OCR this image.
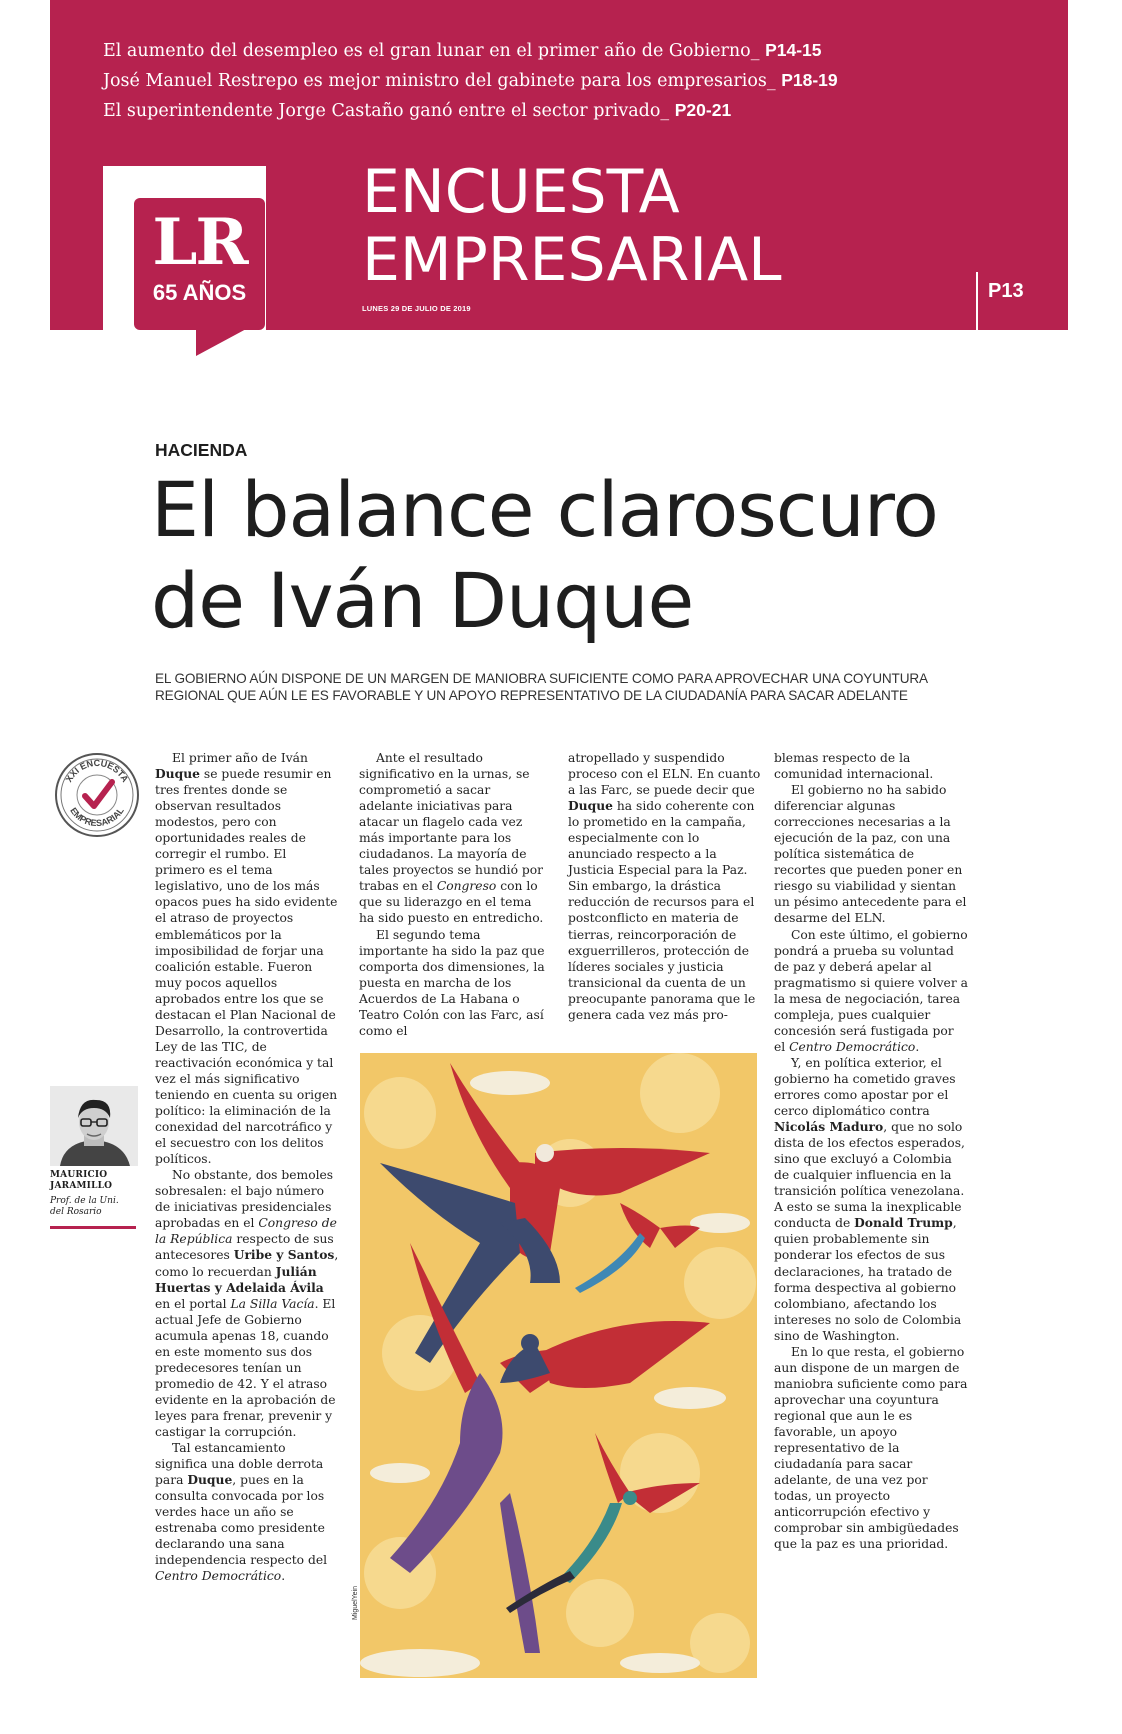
El aumento del desempleo es el gran lunar en el primer año de Gobierno_ P14-15
José Manuel Restrepo es mejor ministro del gabinete para los empresarios_ P18-19
El superintendente Jorge Castaño ganó entre el sector privado_ P20-21
LR
65 AÑOS
ENCUESTA
EMPRESARIAL
LUNES 29 DE JULIO DE 2019
P13
HACIENDA
El balance claroscuro
de Iván Duque
EL GOBIERNO AÚN DISPONE DE UN MARGEN DE MANIOBRA SUFICIENTE COMO PARA APROVECHAR UNA COYUNTURA
REGIONAL QUE AÚN LE ES FAVORABLE Y UN APOYO REPRESENTATIVO DE LA CIUDADANÍA PARA SACAR ADELANTE
XXI ENCUESTA
EMPRESARIAL
MAURICIO
JARAMILLO
Prof. de la Uni.
del Rosario

El primer año de Iván Duque se puede resumir en tres frentes donde se observan resultados modestos, pero con oportunidades reales de corregir el rumbo. El primero es el tema legislativo, uno de los más opacos pues ha sido evidente el atraso de proyectos emblemáticos por la imposibilidad de forjar una coalición estable. Fueron muy pocos aquellos aprobados entre los que se destacan el Plan Nacional de Desarrollo, la controvertida Ley de las TIC, de reactivación económica y tal vez el más significativo teniendo en cuenta su origen político: la eliminación de la conexidad del narcotráfico y el secuestro con los delitos políticos.

No obstante, dos bemoles sobresalen: el bajo número de iniciativas presidenciales aprobadas en el Congreso de la República respecto de sus antecesores Uribe y Santos, como lo recuerdan Julián Huertas y Adelaida Ávila en el portal La Silla Vacía. El actual Jefe de Gobierno acumula apenas 18, cuando en este momento sus dos predecesores tenían un promedio de 42. Y el atraso evidente en la aprobación de leyes para frenar, prevenir y castigar la corrupción.

Tal estancamiento significa una doble derrota para Duque, pues en la consulta convocada por los verdes hace un año se estrenaba como presidente declarando una sana independencia respecto del Centro Democrático.

Ante el resultado significativo en la urnas, se comprometió a sacar adelante iniciativas para atacar un flagelo cada vez más importante para los ciudadanos. La mayoría de tales proyectos se hundió por trabas en el Congreso con lo que su liderazgo en el tema ha sido puesto en entredicho.

El segundo tema importante ha sido la paz que comporta dos dimensiones, la puesta en marcha de los Acuerdos de La Habana o Teatro Colón con las Farc, así como el

atropellado y suspendido proceso con el ELN. En cuanto a las Farc, se puede decir que Duque ha sido coherente con lo prometido en la campaña, especialmente con lo anunciado respecto a la Justicia Especial para la Paz. Sin embargo, la drástica reducción de recursos para el postconflicto en materia de tierras, reincorporación de exguerrilleros, protección de líderes sociales y justicia transicional da cuenta de un preocupante panorama que le genera cada vez más pro-

blemas respecto de la comunidad internacional.

El gobierno no ha sabido diferenciar algunas correcciones necesarias a la ejecución de la paz, con una política sistemática de recortes que pueden poner en riesgo su viabilidad y sientan un pésimo antecedente para el desarme del ELN.

Con este último, el gobierno pondrá a prueba su voluntad de paz y deberá apelar al pragmatismo si quiere volver a la mesa de negociación, tarea compleja, pues cualquier concesión será fustigada por el Centro Democrático.

Y, en política exterior, el gobierno ha cometido graves errores como apostar por el cerco diplomático contra Nicolás Maduro, que no solo dista de los efectos esperados, sino que excluyó a Colombia de cualquier influencia en la transición política venezolana. A esto se suma la inexplicable conducta de Donald Trump, quien probablemente sin ponderar los efectos de sus declaraciones, ha tratado de forma despectiva al gobierno colombiano, afectando los intereses no solo de Colombia sino de Washington.

En lo que resta, el gobierno aun dispone de un margen de maniobra suficiente como para aprovechar una coyuntura regional que aun le es favorable, un apoyo representativo de la ciudadanía para sacar adelante, de una vez por todas, un proyecto anticorrupción efectivo y comprobar sin ambigüedades que la paz es una prioridad.

MiguelYein
